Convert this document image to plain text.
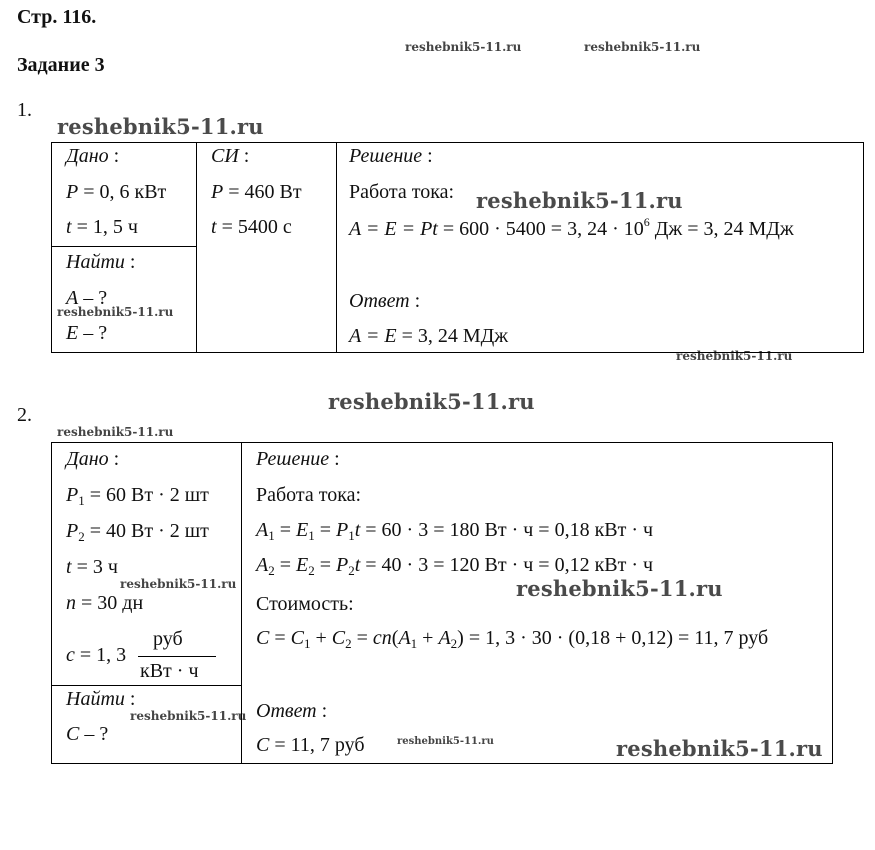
Стр. 116.
Задание 3
reshebnik5-11.ru	reshebnik5-11.ru
reshebnik5-11.ru
reshebnik5-11.ru
reshebnik5-11.ru
reshebnik5-11.ru
reshebnik5-11.ru
reshebnik5-11.ru
reshebnik5-11.ru	reshebnik5-11.ru
reshebnik5-11.ru
reshebnik5-11.ru	reshebnik5-11.ru
1.
Дано :
P = 0, 6 кВт
t = 1, 5 ч
Найти :
A – ?
E – ?
СИ :
P = 460 Вт
t = 5400 с
Решение :
Работа тока:
A = E = Pt = 600 · 5400 = 3, $24 \cdot 10^6$ Дж = 3, 24 МДж
Ответ :
A = E = 3, 24 МДж
2.
Дано :
$P_1 = 60$ Вт · 2 шт
$P_2 = 40$ Вт · 2 шт
t = 3 ч
n = 30 дн
c = 1, 3
руб
кВт · ч
Найти :
C – ?
Решение :
Работа тока:
$A_1 = E_1 = P_1t = 60 \cdot 3 = 180$ Вт · ч = 0,18 кВт · ч
$A_2 = E_2 = P_2t = 40 \cdot 3 = 120$ Вт · ч = 0,12 кВт · ч
Стоимость:
$C = C_1 + C_2 = cn(A_1 + A_2) = 1$, 3 · 30 · (0,18 + 0,12) = 11, 7 руб
Ответ :
C = 11, 7 руб
